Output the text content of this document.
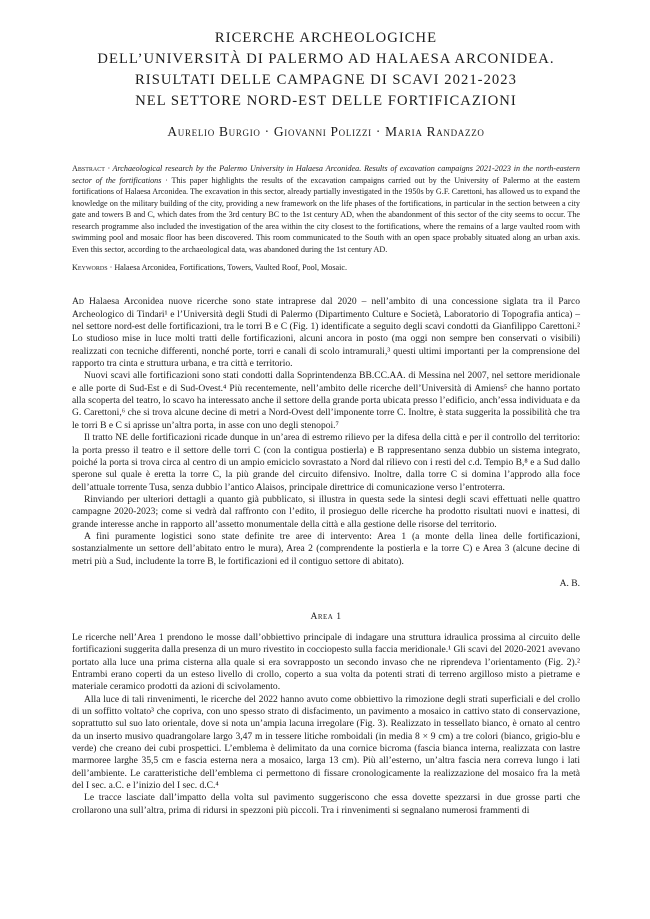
RICERCHE ARCHEOLOGICHE
DELL’UNIVERSITÀ DI PALERMO AD HALAESA ARCONIDEA.
RISULTATI DELLE CAMPAGNE DI SCAVI 2021-2023
NEL SETTORE NORD-EST DELLE FORTIFICAZIONI
Aurelio Burgio · Giovanni Polizzi · Maria Randazzo
Abstract · Archaeological research by the Palermo University in Halaesa Arconidea. Results of excavation campaigns 2021-2023 in the north-eastern sector of the fortifications · This paper highlights the results of the excavation campaigns carried out by the University of Palermo at the eastern fortifications of Halaesa Arconidea. The excavation in this sector, already partially investigated in the 1950s by G.F. Carettoni, has allowed us to expand the knowledge on the military building of the city, providing a new framework on the life phases of the fortifications, in particular in the section between a city gate and towers B and C, which dates from the 3rd century BC to the 1st century AD, when the abandonment of this sector of the city seems to occur. The research programme also included the investigation of the area within the city closest to the fortifications, where the remains of a large vaulted room with swimming pool and mosaic floor has been discovered. This room communicated to the South with an open space probably situated along an urban axis. Even this sector, according to the archaeological data, was abandoned during the 1st century AD.
Keywords · Halaesa Arconidea, Fortifications, Towers, Vaulted Roof, Pool, Mosaic.

Ad Halaesa Arconidea nuove ricerche sono state intraprese dal 2020 – nell’ambito di una concessione siglata tra il Parco Archeologico di Tindari¹ e l’Università degli Studi di Palermo (Dipartimento Culture e Società, Laboratorio di Topografia antica) – nel settore nord-est delle fortificazioni, tra le torri B e C (Fig. 1) identificate a seguito degli scavi condotti da Gianfilippo Carettoni.² Lo studioso mise in luce molti tratti delle fortificazioni, alcuni ancora in posto (ma oggi non sempre ben conservati o visibili) realizzati con tecniche differenti, nonché porte, torri e canali di scolo intramurali,³ questi ultimi importanti per la comprensione del rapporto tra cinta e struttura urbana, e tra città e territorio.

Nuovi scavi alle fortificazioni sono stati condotti dalla Soprintendenza BB.CC.AA. di Messina nel 2007, nel settore meridionale e alle porte di Sud-Est e di Sud-Ovest.⁴ Più recentemente, nell’ambito delle ricerche dell’Università di Amiens⁵ che hanno portato alla scoperta del teatro, lo scavo ha interessato anche il settore della grande porta ubicata presso l’edificio, anch’essa individuata e da G. Carettoni,⁶ che si trova alcune decine di metri a Nord-Ovest dell’imponente torre C. Inoltre, è stata suggerita la possibilità che tra le torri B e C si aprisse un’altra porta, in asse con uno degli stenopoi.⁷

Il tratto NE delle fortificazioni ricade dunque in un’area di estremo rilievo per la difesa della città e per il controllo del territorio: la porta presso il teatro e il settore delle torri C (con la contigua postierla) e B rappresentano senza dubbio un sistema integrato, poiché la porta si trova circa al centro di un ampio emiciclo sovrastato a Nord dal rilievo con i resti del c.d. Tempio B,⁸ e a Sud dallo sperone sul quale è eretta la torre C, la più grande del circuito difensivo. Inoltre, dalla torre C si domina l’approdo alla foce dell’attuale torrente Tusa, senza dubbio l’antico Alaisos, principale direttrice di comunicazione verso l’entroterra.

Rinviando per ulteriori dettagli a quanto già pubblicato, si illustra in questa sede la sintesi degli scavi effettuati nelle quattro campagne 2020-2023; come si vedrà dal raffronto con l’edito, il prosieguo delle ricerche ha prodotto risultati nuovi e inattesi, di grande interesse anche in rapporto all’assetto monumentale della città e alla gestione delle risorse del territorio.

A fini puramente logistici sono state definite tre aree di intervento: Area 1 (a monte della linea delle fortificazioni, sostanzialmente un settore dell’abitato entro le mura), Area 2 (comprendente la postierla e la torre C) e Area 3 (alcune decine di metri più a Sud, includente la torre B, le fortificazioni ed il contiguo settore di abitato).

A. B.
Area 1

Le ricerche nell’Area 1 prendono le mosse dall’obbiettivo principale di indagare una struttura idraulica prossima al circuito delle fortificazioni suggerita dalla presenza di un muro rivestito in cocciopesto sulla faccia meridionale.¹ Gli scavi del 2020-2021 avevano portato alla luce una prima cisterna alla quale si era sovrapposto un secondo invaso che ne riprendeva l’orientamento (Fig. 2).² Entrambi erano coperti da un esteso livello di crollo, coperto a sua volta da potenti strati di terreno argilloso misto a pietrame e materiale ceramico prodotti da azioni di scivolamento.

Alla luce di tali rinvenimenti, le ricerche del 2022 hanno avuto come obbiettivo la rimozione degli strati superficiali e del crollo di un soffitto voltato³ che copriva, con uno spesso strato di disfacimento, un pavimento a mosaico in cattivo stato di conservazione, soprattutto sul suo lato orientale, dove si nota un’ampia lacuna irregolare (Fig. 3). Realizzato in tessellato bianco, è ornato al centro da un inserto musivo quadrangolare largo 3,47 m in tessere litiche romboidali (in media 8 × 9 cm) a tre colori (bianco, grigio-blu e verde) che creano dei cubi prospettici. L’emblema è delimitato da una cornice bicroma (fascia bianca interna, realizzata con lastre marmoree larghe 35,5 cm e fascia esterna nera a mosaico, larga 13 cm). Più all’esterno, un’altra fascia nera correva lungo i lati dell’ambiente. Le caratteristiche dell’emblema ci permettono di fissare cronologicamente la realizzazione del mosaico fra la metà del I sec. a.C. e l’inizio del I sec. d.C.⁴

Le tracce lasciate dall’impatto della volta sul pavimento suggeriscono che essa dovette spezzarsi in due grosse parti che crollarono una sull’altra, prima di ridursi in spezzoni più piccoli. Tra i rinvenimenti si segnalano numerosi frammenti di
